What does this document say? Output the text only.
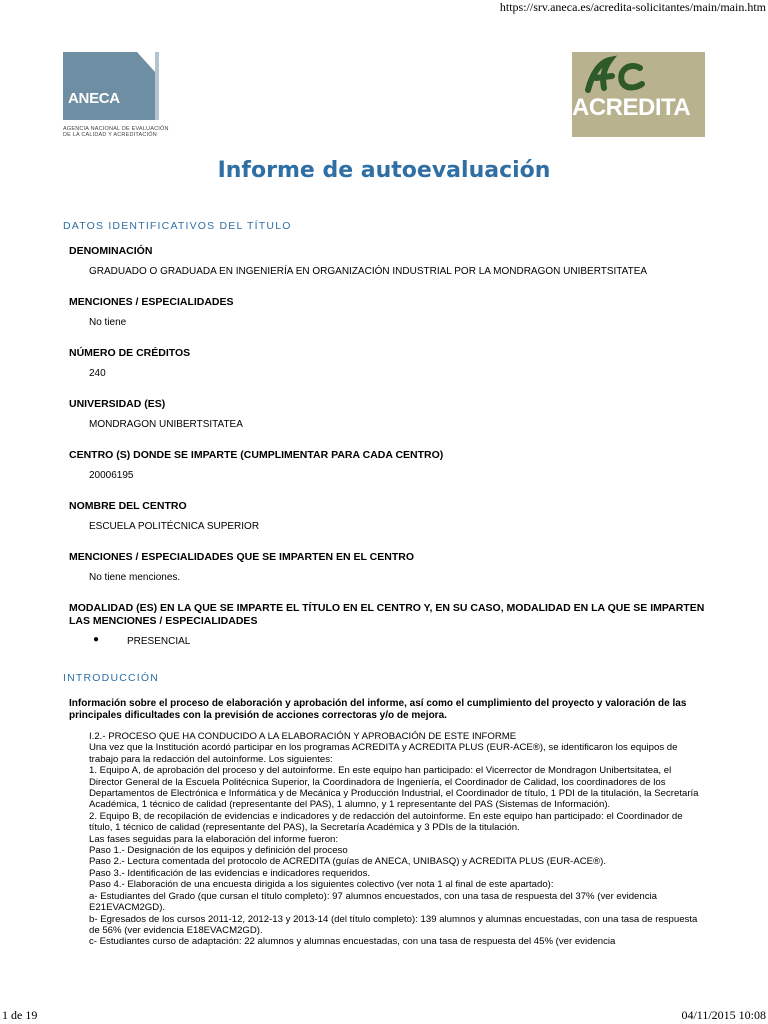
https://srv.aneca.es/acredita-solicitantes/main/main.htm
ANECA
AGENCIA NACIONAL DE EVALUACIÓN
DE LA CALIDAD Y ACREDITACIÓN
ACREDITA
Informe de autoevaluación
DATOS IDENTIFICATIVOS DEL TÍTULO
DENOMINACIÓN
GRADUADO O GRADUADA EN INGENIERÍA EN ORGANIZACIÓN INDUSTRIAL POR LA MONDRAGON UNIBERTSITATEA
MENCIONES / ESPECIALIDADES
No tiene
NÚMERO DE CRÉDITOS
240
UNIVERSIDAD (ES)
MONDRAGON UNIBERTSITATEA
CENTRO (S) DONDE SE IMPARTE (CUMPLIMENTAR PARA CADA CENTRO)
20006195
NOMBRE DEL CENTRO
ESCUELA POLITÉCNICA SUPERIOR
MENCIONES / ESPECIALIDADES QUE SE IMPARTEN EN EL CENTRO
No tiene menciones.
MODALIDAD (ES) EN LA QUE SE IMPARTE EL TÍTULO EN EL CENTRO Y, EN SU CASO, MODALIDAD EN LA QUE SE IMPARTEN LAS MENCIONES / ESPECIALIDADES
●	PRESENCIAL
INTRODUCCIÓN
Información sobre el proceso de elaboración y aprobación del informe, así como el cumplimiento del proyecto y valoración de las principales dificultades con la previsión de acciones correctoras y/o de mejora.
I.2.- PROCESO QUE HA CONDUCIDO A LA ELABORACIÓN Y APROBACIÓN DE ESTE INFORME
Una vez que la Institución acordó participar en los programas ACREDITA y ACREDITA PLUS (EUR-ACE®), se identificaron los equipos de trabajo para la redacción del autoinforme. Los siguientes:
1. Equipo A, de aprobación del proceso y del autoinforme. En este equipo han participado: el Vicerrector de Mondragon Unibertsitatea, el Director General de la Escuela Politécnica Superior, la Coordinadora de Ingeniería, el Coordinador de Calidad, los coordinadores de los Departamentos de Electrónica e Informática y de Mecánica y Producción Industrial, el Coordinador de título, 1 PDI de la titulación, la Secretaría Académica, 1 técnico de calidad (representante del PAS), 1 alumno, y 1 representante del PAS (Sistemas de Información).
2. Equipo B, de recopilación de evidencias e indicadores y de redacción del autoinforme. En este equipo han participado: el Coordinador de título, 1 técnico de calidad (representante del PAS), la Secretaría Académica y 3 PDIs de la titulación.
Las fases seguidas para la elaboración del informe fueron:
Paso 1.- Designación de los equipos y definición del proceso
Paso 2.- Lectura comentada del protocolo de ACREDITA (guías de ANECA, UNIBASQ) y ACREDITA PLUS (EUR-ACE®).
Paso 3.- Identificación de las evidencias e indicadores requeridos.
Paso 4.- Elaboración de una encuesta dirigida a los siguientes colectivo (ver nota 1 al final de este apartado):
a- Estudiantes del Grado (que cursan el título completo): 97 alumnos encuestados, con una tasa de respuesta del 37% (ver evidencia E21EVACM2GD).
b- Egresados de los cursos 2011-12, 2012-13 y 2013-14 (del título completo): 139 alumnos y alumnas encuestadas, con una tasa de respuesta de 56% (ver evidencia E18EVACM2GD).
c- Estudiantes curso de adaptación: 22 alumnos y alumnas encuestadas, con una tasa de respuesta del 45% (ver evidencia
1 de 19	04/11/2015 10:08
